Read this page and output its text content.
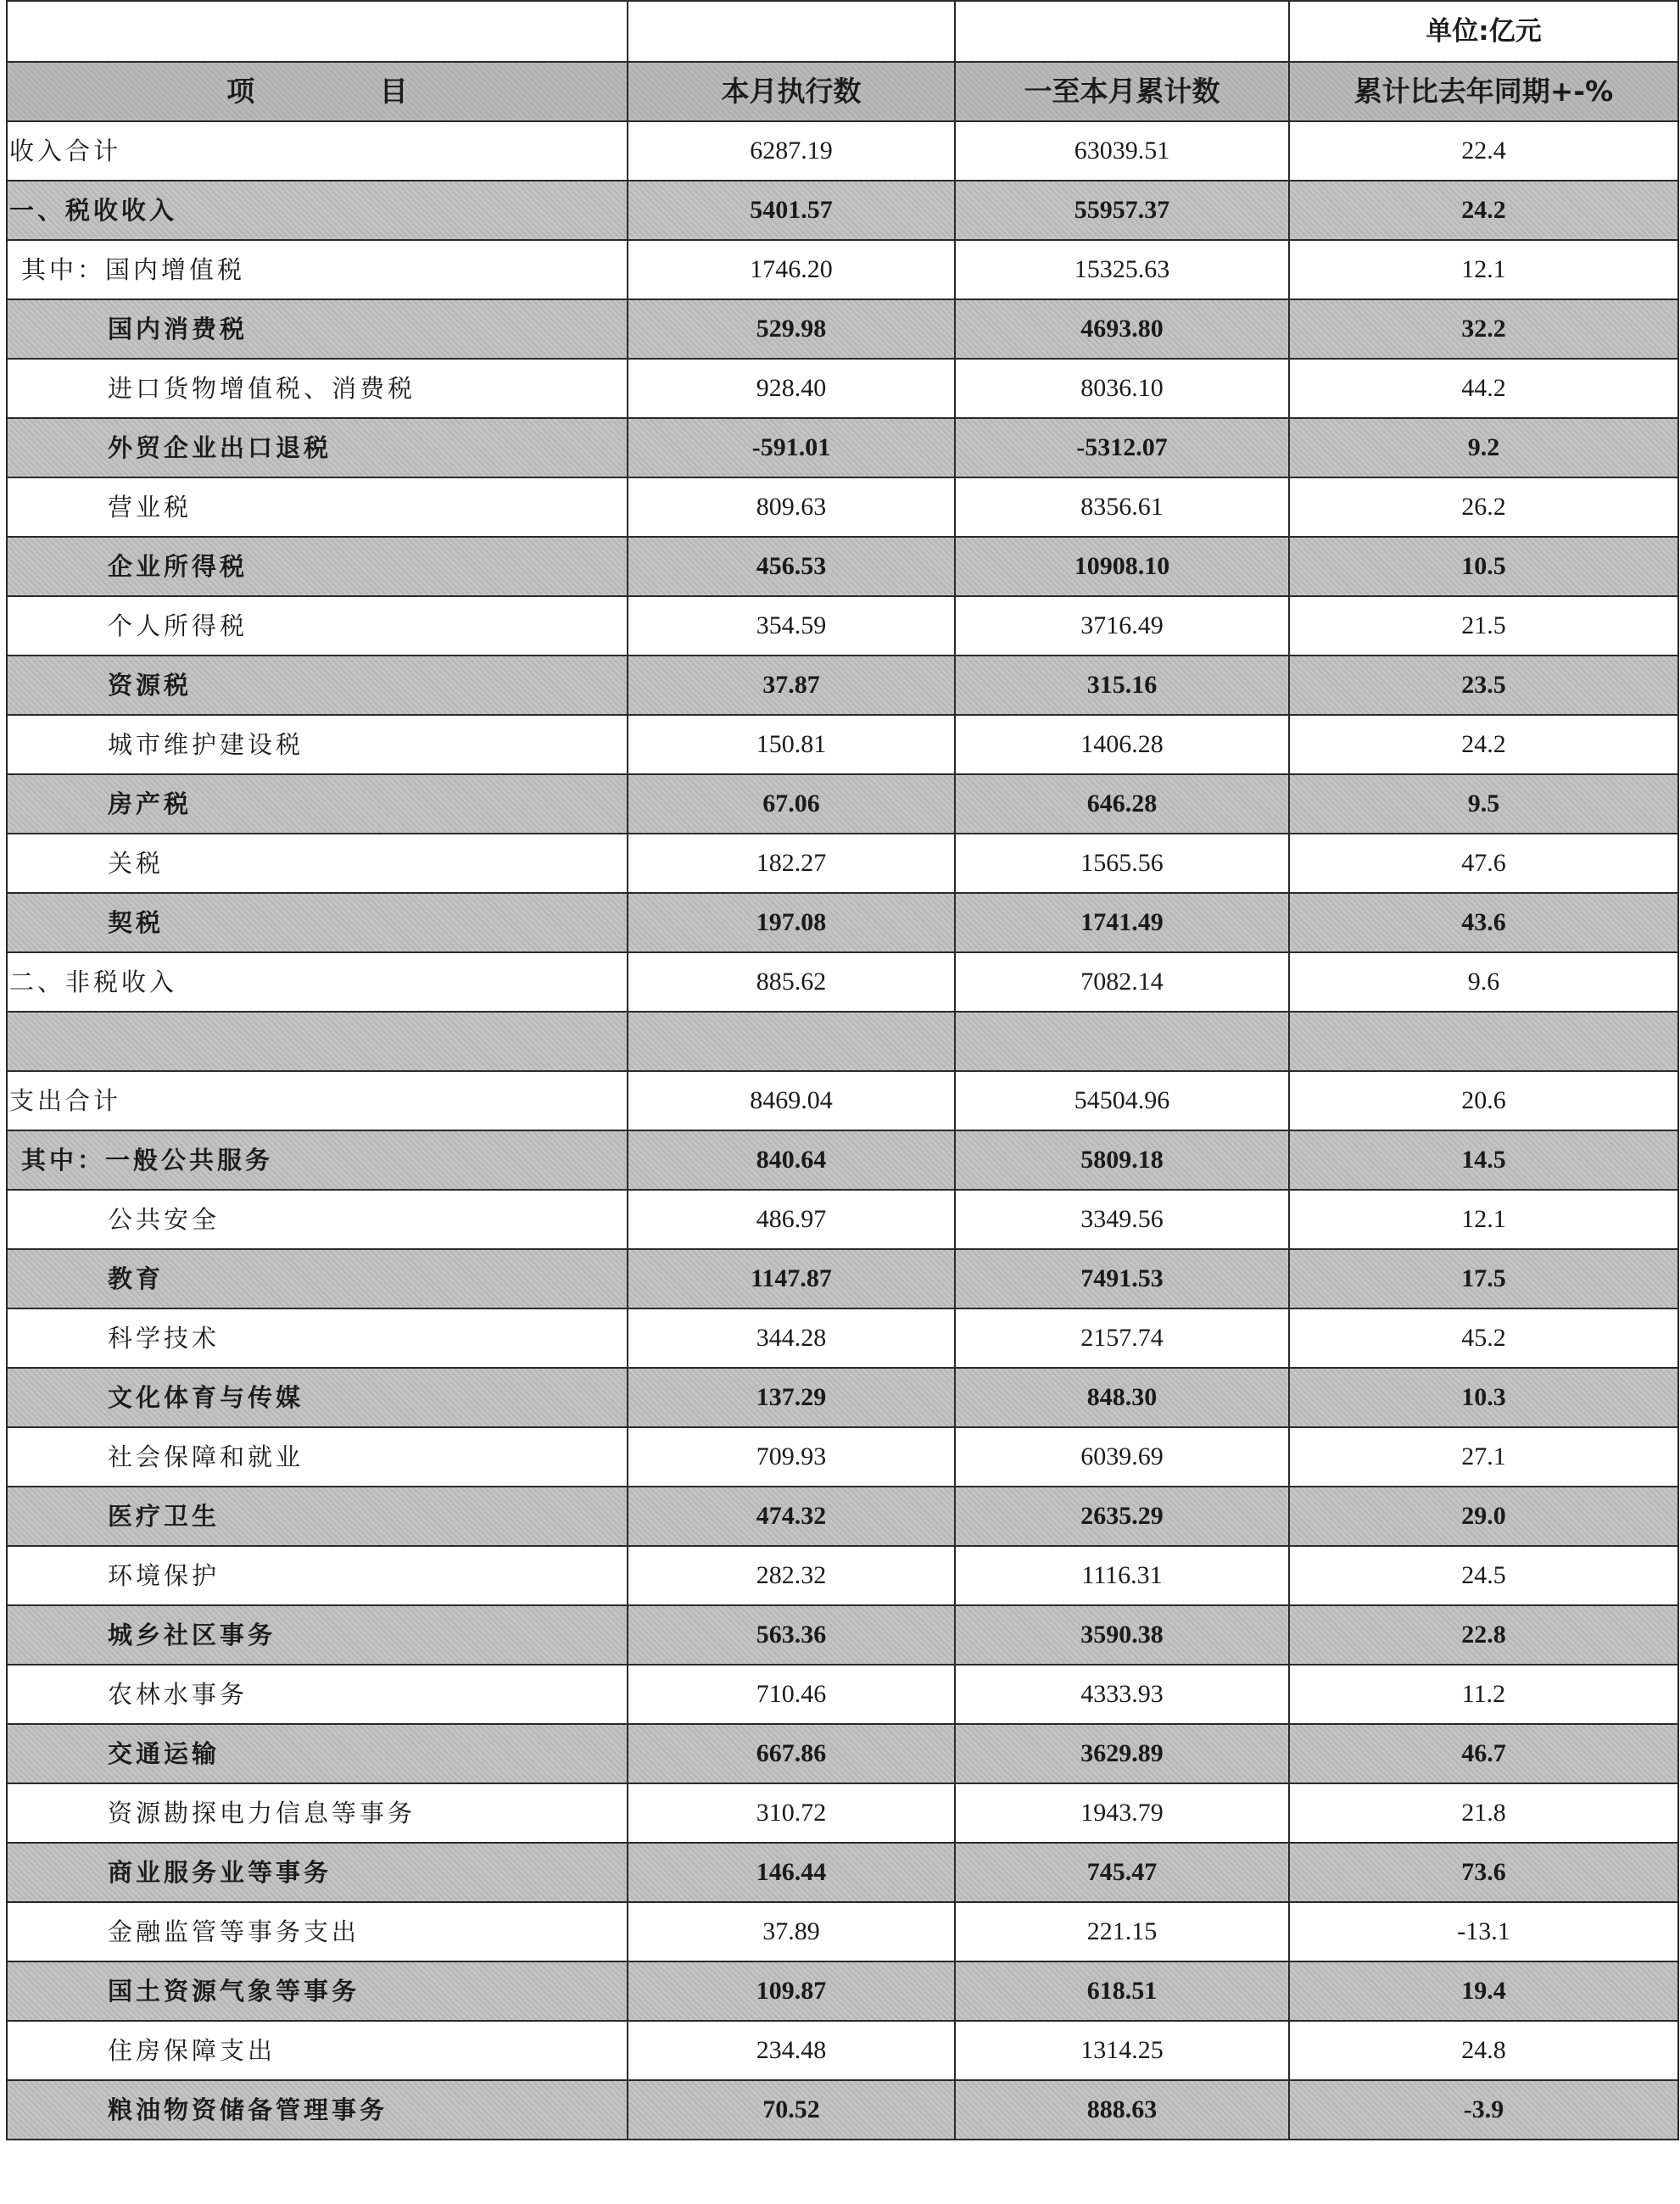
			单位:亿元
项 目	本月执行数	一至本月累计数	累计比去年同期+-%
收入合计	6287.19	63039.51	22.4
一、税收收入	5401.57	55957.37	24.2
其中：国内增值税	1746.20	15325.63	12.1
国内消费税	529.98	4693.80	32.2
进口货物增值税、消费税	928.40	8036.10	44.2
外贸企业出口退税	-591.01	-5312.07	9.2
营业税	809.63	8356.61	26.2
企业所得税	456.53	10908.10	10.5
个人所得税	354.59	3716.49	21.5
资源税	37.87	315.16	23.5
城市维护建设税	150.81	1406.28	24.2
房产税	67.06	646.28	9.5
关税	182.27	1565.56	47.6
契税	197.08	1741.49	43.6
二、非税收入	885.62	7082.14	9.6

支出合计	8469.04	54504.96	20.6
其中：一般公共服务	840.64	5809.18	14.5
公共安全	486.97	3349.56	12.1
教育	1147.87	7491.53	17.5
科学技术	344.28	2157.74	45.2
文化体育与传媒	137.29	848.30	10.3
社会保障和就业	709.93	6039.69	27.1
医疗卫生	474.32	2635.29	29.0
环境保护	282.32	1116.31	24.5
城乡社区事务	563.36	3590.38	22.8
农林水事务	710.46	4333.93	11.2
交通运输	667.86	3629.89	46.7
资源勘探电力信息等事务	310.72	1943.79	21.8
商业服务业等事务	146.44	745.47	73.6
金融监管等事务支出	37.89	221.15	-13.1
国土资源气象等事务	109.87	618.51	19.4
住房保障支出	234.48	1314.25	24.8
粮油物资储备管理事务	70.52	888.63	-3.9
